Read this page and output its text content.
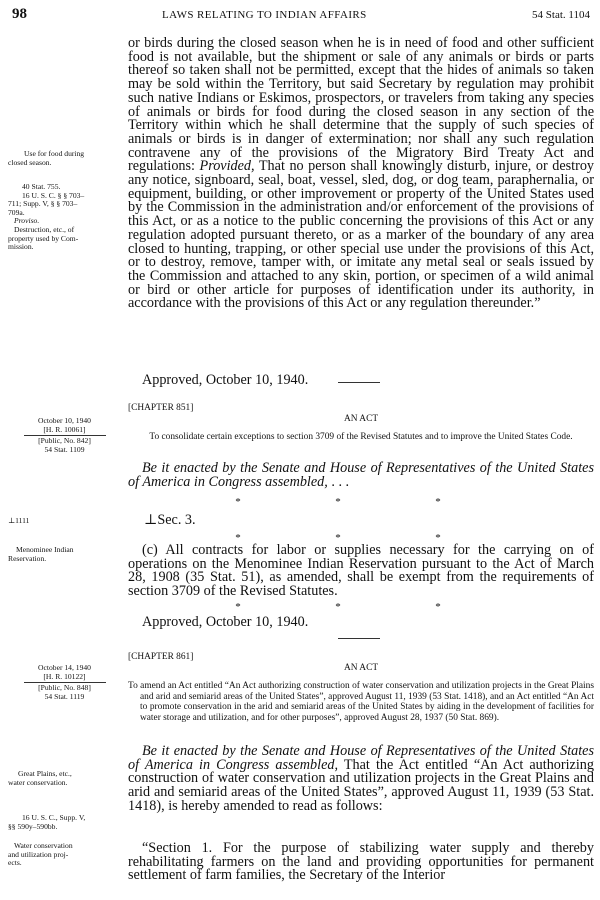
98	LAWS RELATING TO INDIAN AFFAIRS	54 Stat. 1104
Use for food during
closed season.
40 Stat. 755.
16 U. S. C. § § 703–
711; Supp. V, § § 703–
709a.
Proviso.
Destruction, etc., of
property used by Com-
mission.
October 10, 1940
[H. R. 10061]
[Public, No. 842]
54 Stat. 1109
⊥1111
Menominee Indian
Reservation.
October 14, 1940
[H. R. 10122]
[Public, No. 848]
54 Stat. 1119
Great Plains, etc.,
water conservation.
16 U. S. C., Supp. V,
§§ 590y–590bb.
Water conservation
and utilization proj-
ects.
or birds during the closed season when he is in need of food and other sufficient food is not available, but the shipment or sale of any animals or birds or parts thereof so taken shall not be permitted, except that the hides of animals so taken may be sold within the Territory, but said Secretary by regulation may prohibit such native Indians or Eskimos, prospectors, or travelers from taking any species of animals or birds for food during the closed season in any section of the Territory within which he shall determine that the supply of such species of animals or birds is in danger of extermination; nor shall any such regulation contravene any of the provisions of the Migratory Bird Treaty Act and regulations: Provided, That no person shall knowingly disturb, injure, or destroy any notice, signboard, seal, boat, vessel, sled, dog, or dog team, paraphernalia, or equipment, building, or other improvement or property of the United States used by the Commission in the administration and/or enforcement of the provisions of this Act, or as a notice to the public concerning the provisions of this Act or any regulation adopted pursuant thereto, or as a marker of the boundary of any area closed to hunting, trapping, or other special use under the provisions of this Act, or to destroy, remove, tamper with, or imitate any metal seal or seals issued by the Commission and attached to any skin, portion, or specimen of a wild animal or bird or other article for purposes of identification under its authority, in accordance with the provisions of this Act or any regulation thereunder.”
Approved, October 10, 1940.
[CHAPTER 851]
AN ACT
To consolidate certain exceptions to section 3709 of the Revised Statutes and to improve the United States Code.
Be it enacted by the Senate and House of Representatives of the United States of America in Congress assembled, . . .
*	*	*
⊥Sec. 3.
*	*	*
(c) All contracts for labor or supplies necessary for the carrying on of operations on the Menominee Indian Reservation pursuant to the Act of March 28, 1908 (35 Stat. 51), as amended, shall be exempt from the requirements of section 3709 of the Revised Statutes.
*	*	*
Approved, October 10, 1940.
[CHAPTER 861]
AN ACT
To amend an Act entitled “An Act authorizing construction of water conservation and utilization projects in the Great Plains and arid and semiarid areas of the United States”, approved August 11, 1939 (53 Stat. 1418), and an Act entitled “An Act to promote conservation in the arid and semiarid areas of the United States by aiding in the development of facilities for water storage and utilization, and for other purposes”, approved August 28, 1937 (50 Stat. 869).
Be it enacted by the Senate and House of Representatives of the United States of America in Congress assembled, That the Act entitled “An Act authorizing construction of water conservation and utilization projects in the Great Plains and arid and semiarid areas of the United States”, approved August 11, 1939 (53 Stat. 1418), is hereby amended to read as follows:
“Section 1. For the purpose of stabilizing water supply and thereby rehabilitating farmers on the land and providing opportunities for permanent settlement of farm families, the Secretary of the Interior
